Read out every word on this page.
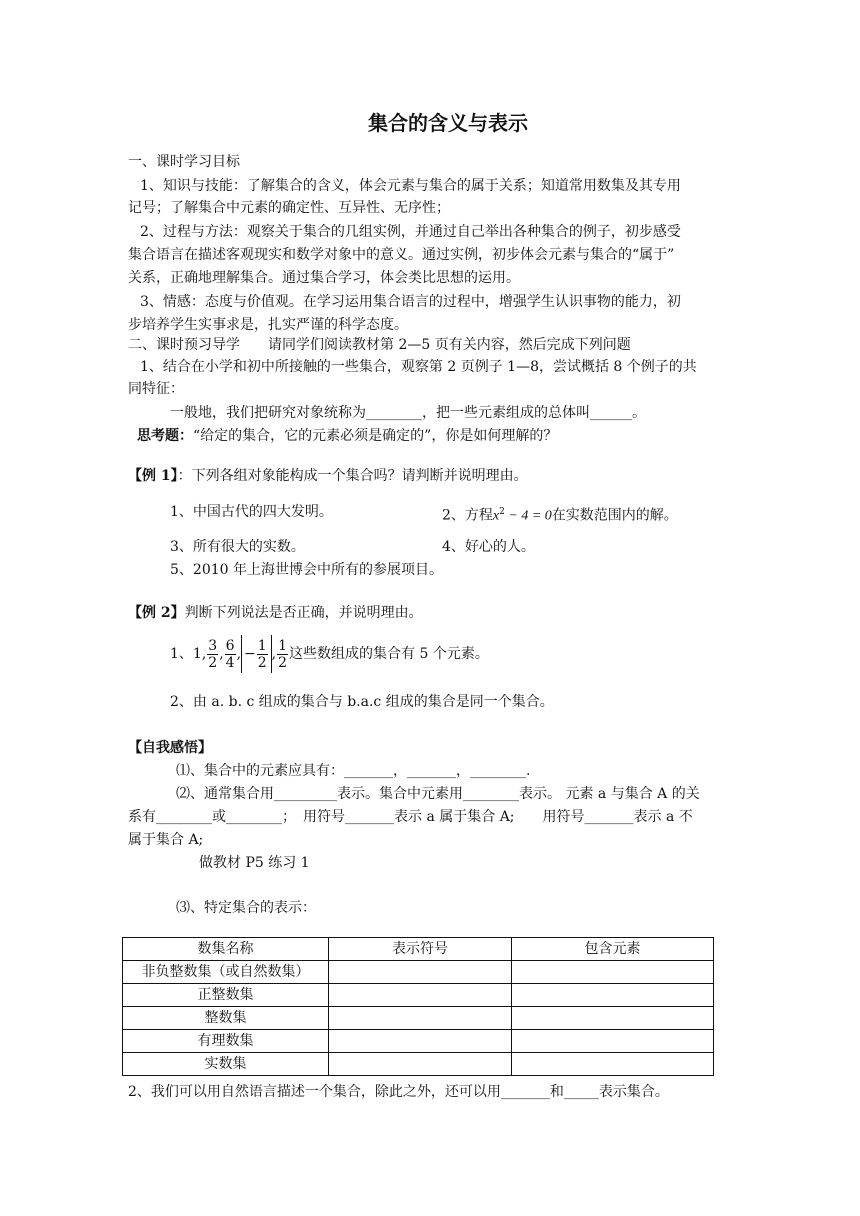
集合的含义与表示
一、课时学习目标
1、知识与技能：了解集合的含义，体会元素与集合的属于关系；知道常用数集及其专用
记号；了解集合中元素的确定性、互异性、无序性；
2、过程与方法：观察关于集合的几组实例，并通过自己举出各种集合的例子，初步感受
集合语言在描述客观现实和数学对象中的意义。通过实例，初步体会元素与集合的“属于”
关系，正确地理解集合。通过集合学习，体会类比思想的运用。
3、情感：态度与价值观。在学习运用集合语言的过程中，增强学生认识事物的能力，初
步培养学生实事求是，扎实严谨的科学态度。
二、课时预习导学　　请同学们阅读教材第 2—5 页有关内容，然后完成下列问题
1、结合在小学和初中所接触的一些集合，观察第 2 页例子 1—8，尝试概括 8 个例子的共
同特征：
一般地，我们把研究对象统称为________，把一些元素组成的总体叫______。
思考题：“给定的集合，它的元素必须是确定的”，你是如何理解的？
【例 1】：下列各组对象能构成一个集合吗？请判断并说明理由。
1、中国古代的四大发明。	2、方程$x^2 - 4 = 0$在实数范围内的解。
3、所有很大的实数。	4、好心的人。
5、2010 年上海世博会中所有的参展项目。
【例 2】判断下列说法是否正确，并说明理由。
1、1, $\frac{3}{2}$ , $\frac{6}{4}$ , − $\frac{1}{2}$ , $\frac{1}{2}$ 这些数组成的集合有 5 个元素。
2、由 a. b. c 组成的集合与 b.a.c 组成的集合是同一个集合。
【自我感悟】
⑴、集合中的元素应具有：_______，_______，________.
⑵、通常集合用_________表示。集合中元素用________表示。 元素 a 与集合 A 的关
系有________或________；　用符号_______表示 a 属于集合 A;　　用符号_______表示 a 不
属于集合 A;
做教材 P5 练习 1
⑶、特定集合的表示：
数集名称	表示符号	包含元素
非负整数集（或自然数集）		
正整数集		
整数集		
有理数集		
实数集		
2、我们可以用自然语言描述一个集合，除此之外，还可以用_______和_____表示集合。
